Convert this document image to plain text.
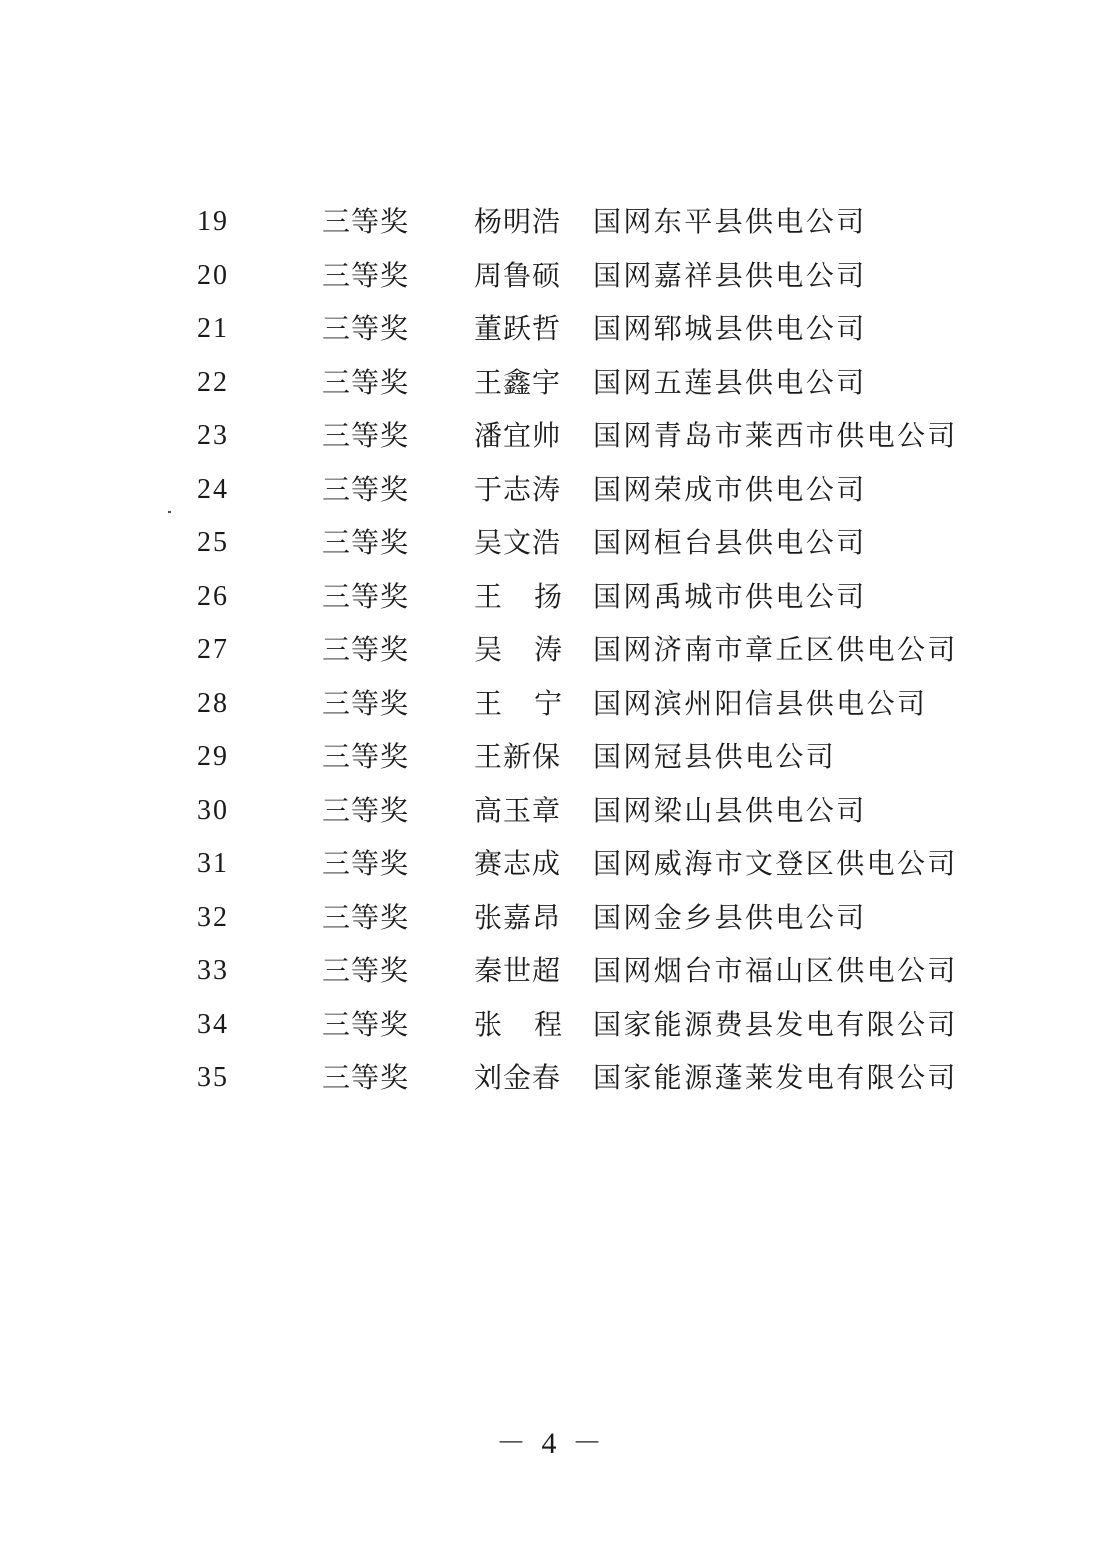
19	三等奖 杨明浩 国网东平县供电公司
20	三等奖 周鲁硕 国网嘉祥县供电公司
21	三等奖 董跃哲 国网郓城县供电公司
22	三等奖 王鑫宇 国网五莲县供电公司
23	三等奖 潘宜帅 国网青岛市莱西市供电公司
24	三等奖 于志涛 国网荣成市供电公司
25	三等奖 吴文浩 国网桓台县供电公司
26	三等奖 王扬 国网禹城市供电公司
27	三等奖 吴涛 国网济南市章丘区供电公司
28	三等奖 王宁 国网滨州阳信县供电公司
29	三等奖 王新保 国网冠县供电公司
30	三等奖 高玉章 国网梁山县供电公司
31	三等奖 赛志成 国网威海市文登区供电公司
32	三等奖 张嘉昂 国网金乡县供电公司
33	三等奖 秦世超 国网烟台市福山区供电公司
34	三等奖 张程 国家能源费县发电有限公司
35	三等奖 刘金春 国家能源蓬莱发电有限公司
－ 4 －
